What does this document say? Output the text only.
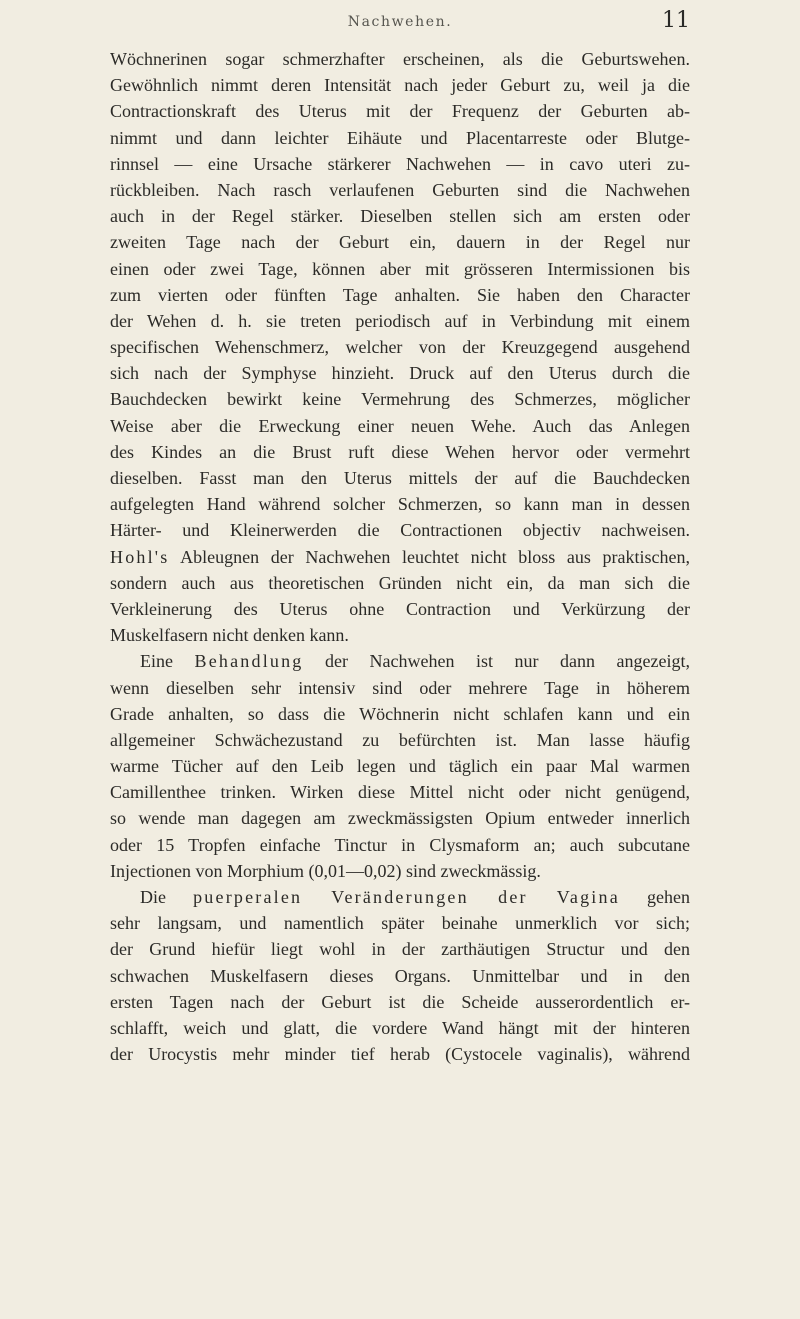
Nachwehen.	11
Wöchnerinen sogar schmerzhafter erscheinen, als die Geburtswehen.
Gewöhnlich nimmt deren Intensität nach jeder Geburt zu, weil ja die
Contractionskraft des Uterus mit der Frequenz der Geburten ab-
nimmt und dann leichter Eihäute und Placentarreste oder Blutge-
rinnsel — eine Ursache stärkerer Nachwehen — in cavo uteri zu-
rückbleiben. Nach rasch verlaufenen Geburten sind die Nachwehen
auch in der Regel stärker. Dieselben stellen sich am ersten oder
zweiten Tage nach der Geburt ein, dauern in der Regel nur
einen oder zwei Tage, können aber mit grösseren Intermissionen bis
zum vierten oder fünften Tage anhalten. Sie haben den Character
der Wehen d. h. sie treten periodisch auf in Verbindung mit einem
specifischen Wehenschmerz, welcher von der Kreuzgegend ausgehend
sich nach der Symphyse hinzieht. Druck auf den Uterus durch die
Bauchdecken bewirkt keine Vermehrung des Schmerzes, möglicher
Weise aber die Erweckung einer neuen Wehe. Auch das Anlegen
des Kindes an die Brust ruft diese Wehen hervor oder vermehrt
dieselben. Fasst man den Uterus mittels der auf die Bauchdecken
aufgelegten Hand während solcher Schmerzen, so kann man in dessen
Härter- und Kleinerwerden die Contractionen objectiv nachweisen.
Hohl's Ableugnen der Nachwehen leuchtet nicht bloss aus praktischen,
sondern auch aus theoretischen Gründen nicht ein, da man sich die
Verkleinerung des Uterus ohne Contraction und Verkürzung der
Muskelfasern nicht denken kann.
Eine Behandlung der Nachwehen ist nur dann angezeigt,
wenn dieselben sehr intensiv sind oder mehrere Tage in höherem
Grade anhalten, so dass die Wöchnerin nicht schlafen kann und ein
allgemeiner Schwächezustand zu befürchten ist. Man lasse häufig
warme Tücher auf den Leib legen und täglich ein paar Mal warmen
Camillenthee trinken. Wirken diese Mittel nicht oder nicht genügend,
so wende man dagegen am zweckmässigsten Opium entweder innerlich
oder 15 Tropfen einfache Tinctur in Clysmaform an; auch subcutane
Injectionen von Morphium (0,01—0,02) sind zweckmässig.
Die puerperalen Veränderungen der Vagina gehen
sehr langsam, und namentlich später beinahe unmerklich vor sich;
der Grund hiefür liegt wohl in der zarthäutigen Structur und den
schwachen Muskelfasern dieses Organs. Unmittelbar und in den
ersten Tagen nach der Geburt ist die Scheide ausserordentlich er-
schlafft, weich und glatt, die vordere Wand hängt mit der hinteren
der Urocystis mehr minder tief herab (Cystocele vaginalis), während
